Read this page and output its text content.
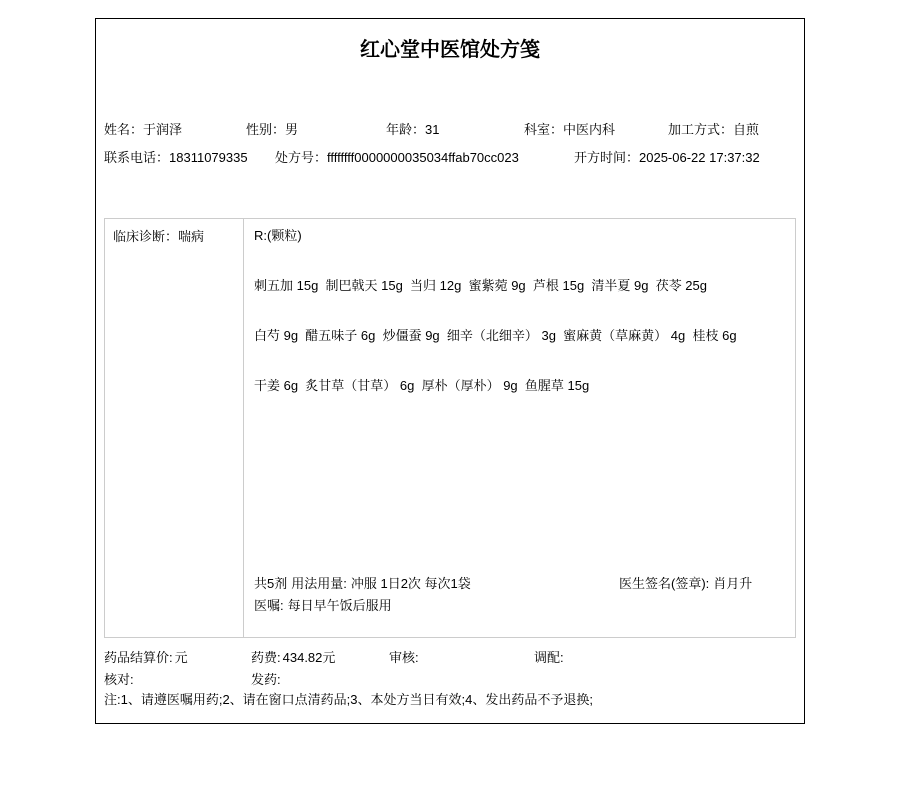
红心堂中医馆处方笺
姓名：于润泽	性别：男	年龄：31	科室：中医内科	加工方式：自煎
联系电话：18311079335 处方号：ffffffff0000000035034ffab70cc023	开方时间：2025-06-22 17:37:32
临床诊断：喘病	R:(颗粒)
刺五加 15g  制巴戟天 15g  当归 12g  蜜紫菀 9g  芦根 15g  清半夏 9g  茯苓 25g
白芍 9g  醋五味子 6g  炒僵蚕 9g  细辛（北细辛） 3g  蜜麻黄（草麻黄） 4g  桂枝 6g
干姜 6g  炙甘草（甘草） 6g  厚朴（厚朴） 9g  鱼腥草 15g
共5剂 用法用量: 冲服 1日2次 每次1袋	医生签名(签章): 肖月升
医嘱: 每日早午饭后服用
药品结算价: 元	药费: 434.82元	审核:	调配:
核对:	发药:
注:1、请遵医嘱用药;2、请在窗口点清药品;3、本处方当日有效;4、发出药品不予退换;
